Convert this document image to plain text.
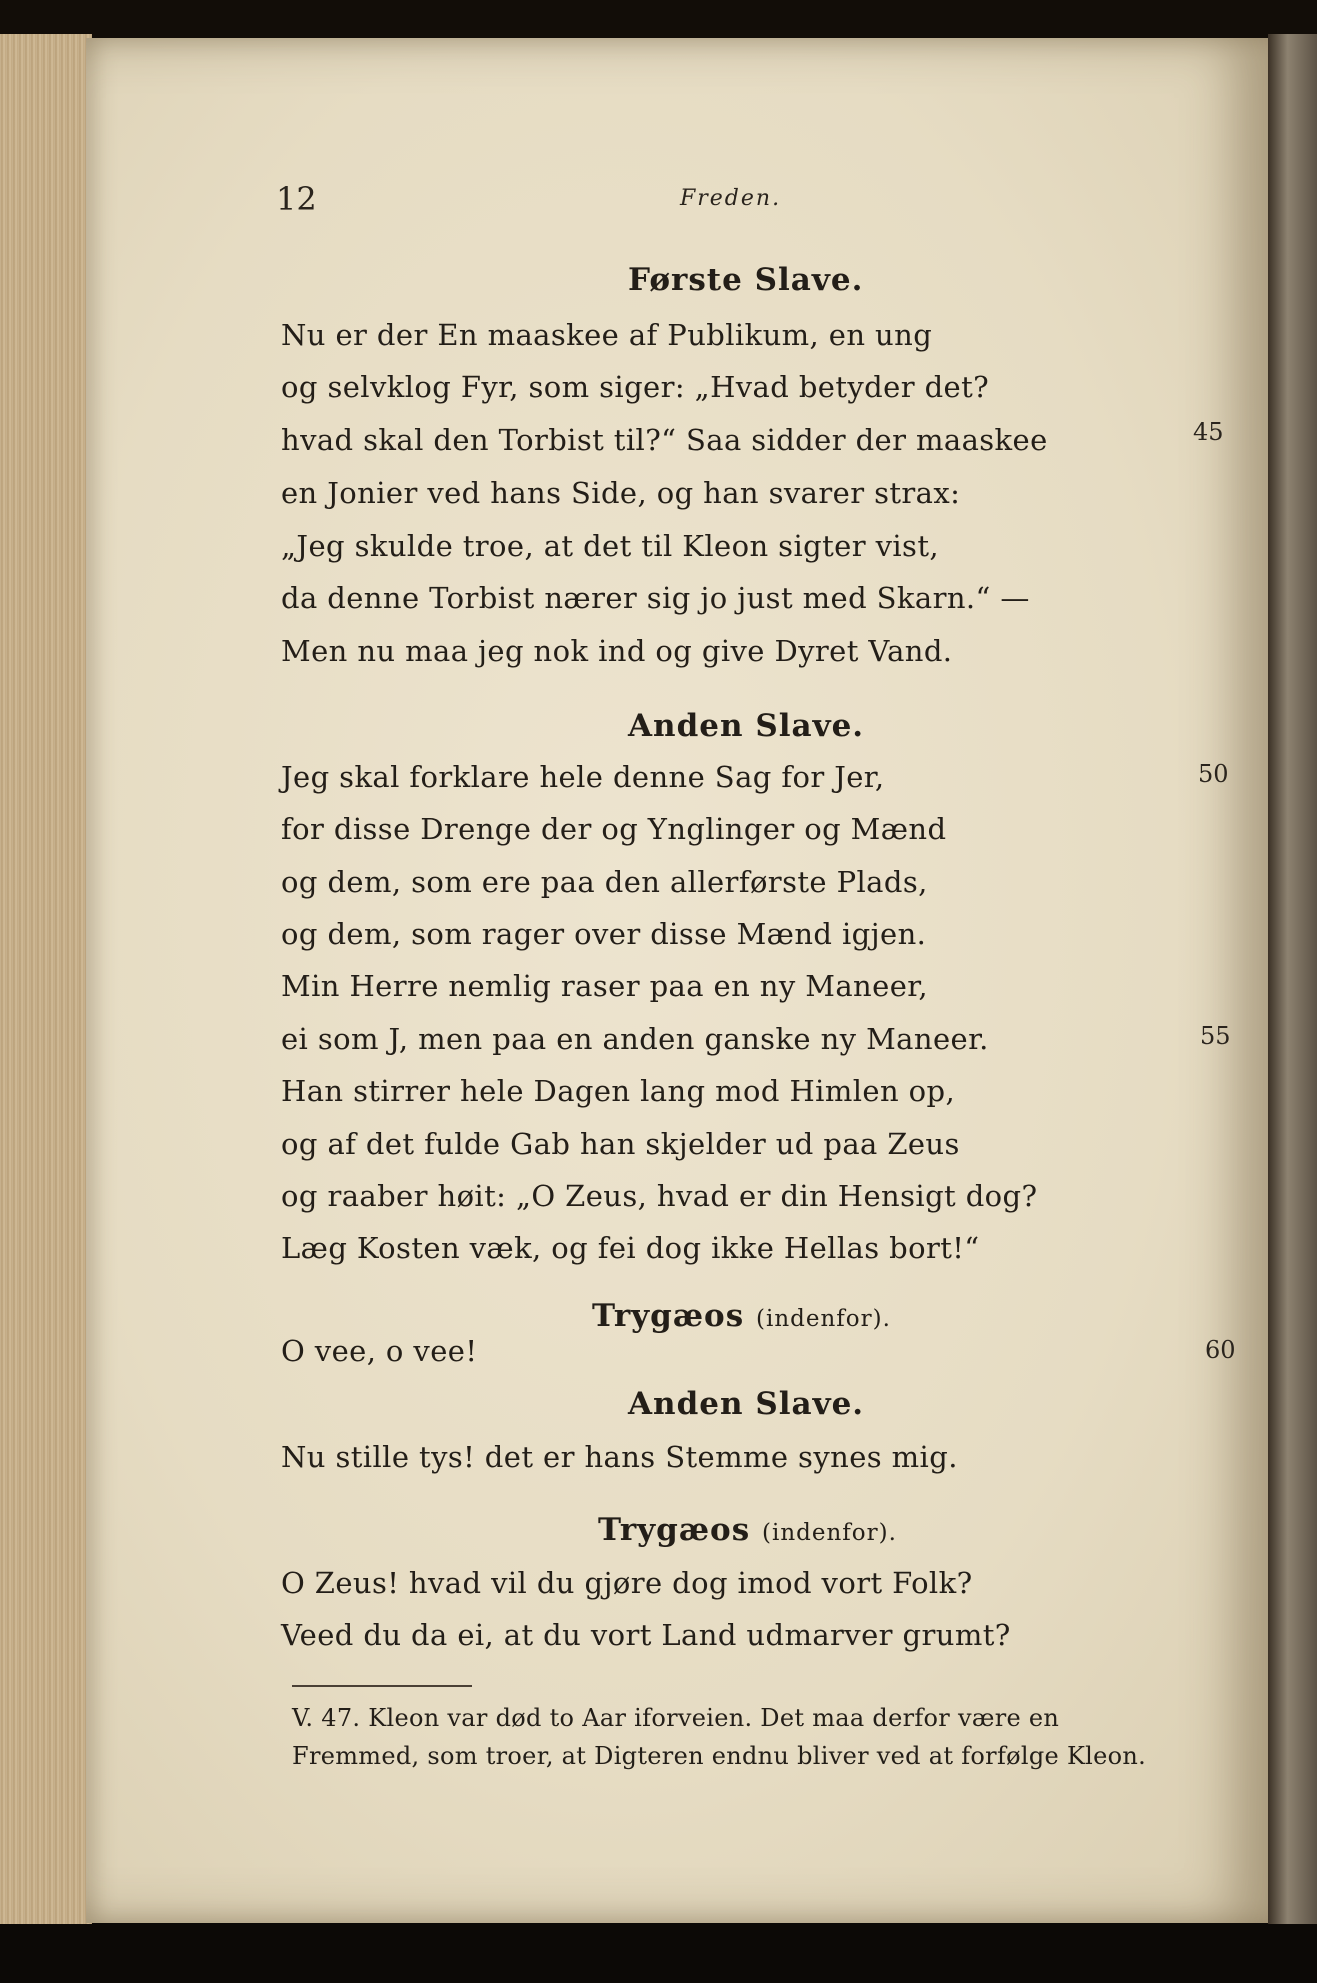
12	Freden.
Første Slave.
Nu er der En maaskee af Publikum, en ung
og selvklog Fyr, som siger: „Hvad betyder det?
hvad skal den Torbist til?“ Saa sidder der maaskee
en Jonier ved hans Side, og han svarer strax:
„Jeg skulde troe, at det til Kleon sigter vist,
da denne Torbist nærer sig jo just med Skarn.“ —
Men nu maa jeg nok ind og give Dyret Vand.
Anden Slave.
Jeg skal forklare hele denne Sag for Jer,
for disse Drenge der og Ynglinger og Mænd
og dem, som ere paa den allerførste Plads,
og dem, som rager over disse Mænd igjen.
Min Herre nemlig raser paa en ny Maneer,
ei som J, men paa en anden ganske ny Maneer.
Han stirrer hele Dagen lang mod Himlen op,
og af det fulde Gab han skjelder ud paa Zeus
og raaber høit: „O Zeus, hvad er din Hensigt dog?
Læg Kosten væk, og fei dog ikke Hellas bort!“
Trygæos (indenfor).
O vee, o vee!
Anden Slave.
Nu stille tys! det er hans Stemme synes mig.
Trygæos (indenfor).
O Zeus! hvad vil du gjøre dog imod vort Folk?
Veed du da ei, at du vort Land udmarver grumt?
45
50
55
60
V. 47. Kleon var død to Aar iforveien. Det maa derfor være en
Fremmed, som troer, at Digteren endnu bliver ved at forfølge Kleon.
